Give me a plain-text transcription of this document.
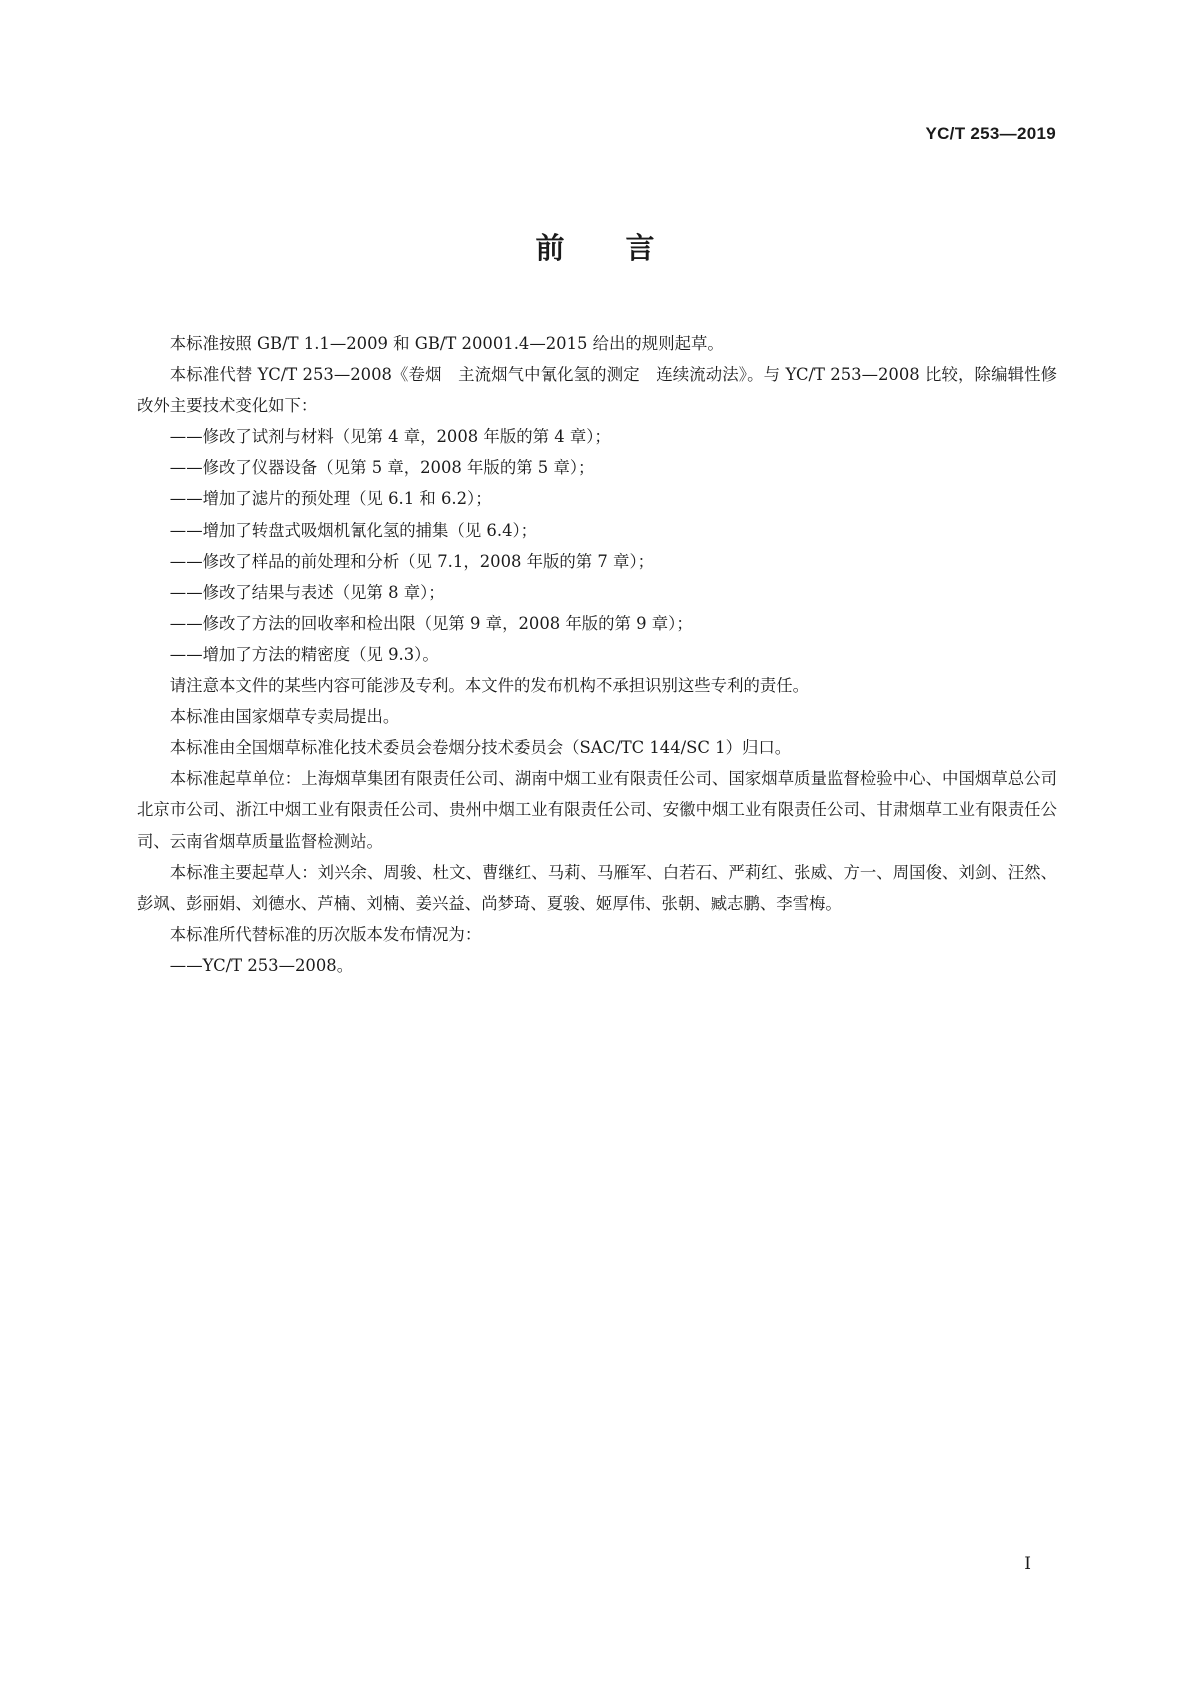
YC/T 253—2019
前 言

本标准按照 GB/T 1.1—2009 和 GB/T 20001.4—2015 给出的规则起草。

本标准代替 YC/T 253—2008《卷烟　主流烟气中氰化氢的测定　连续流动法》。与 YC/T 253—2008 比较，除编辑性修改外主要技术变化如下：

——修改了试剂与材料（见第 4 章，2008 年版的第 4 章）；

——修改了仪器设备（见第 5 章，2008 年版的第 5 章）；

——增加了滤片的预处理（见 6.1 和 6.2）；

——增加了转盘式吸烟机氰化氢的捕集（见 6.4）；

——修改了样品的前处理和分析（见 7.1，2008 年版的第 7 章）；

——修改了结果与表述（见第 8 章）；

——修改了方法的回收率和检出限（见第 9 章，2008 年版的第 9 章）；

——增加了方法的精密度（见 9.3）。

请注意本文件的某些内容可能涉及专利。本文件的发布机构不承担识别这些专利的责任。

本标准由国家烟草专卖局提出。

本标准由全国烟草标准化技术委员会卷烟分技术委员会（SAC/TC 144/SC 1）归口。

本标准起草单位：上海烟草集团有限责任公司、湖南中烟工业有限责任公司、国家烟草质量监督检验中心、中国烟草总公司北京市公司、浙江中烟工业有限责任公司、贵州中烟工业有限责任公司、安徽中烟工业有限责任公司、甘肃烟草工业有限责任公司、云南省烟草质量监督检测站。

本标准主要起草人：刘兴余、周骏、杜文、曹继红、马莉、马雁军、白若石、严莉红、张威、方一、周国俊、刘剑、汪然、彭飒、彭丽娟、刘德水、芦楠、刘楠、姜兴益、尚梦琦、夏骏、姬厚伟、张朝、臧志鹏、李雪梅。

本标准所代替标准的历次版本发布情况为：

——YC/T 253—2008。

I
